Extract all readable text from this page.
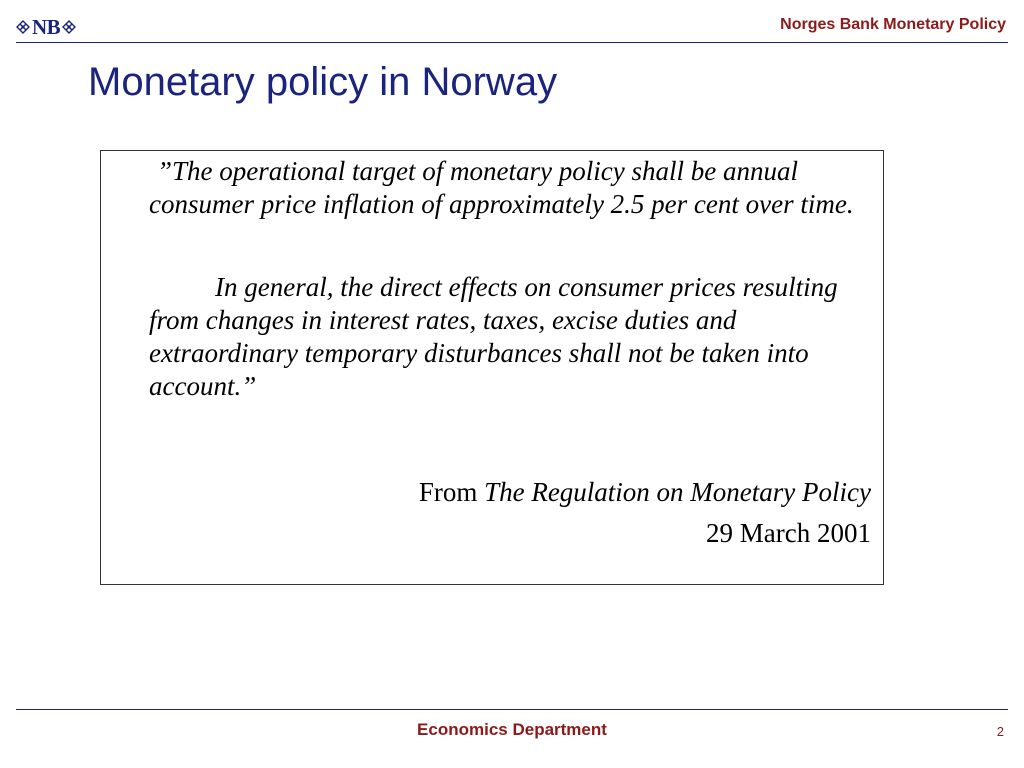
NB	Norges Bank Monetary Policy
Monetary policy in Norway

”The operational target of monetary policy shall be annual consumer price inflation of approximately 2.5 per cent over time.

In general, the direct effects on consumer prices resulting from changes in interest rates, taxes, excise duties and extraordinary temporary disturbances shall not be taken into account.”

From The Regulation on Monetary Policy
29 March 2001
Economics Department	2
